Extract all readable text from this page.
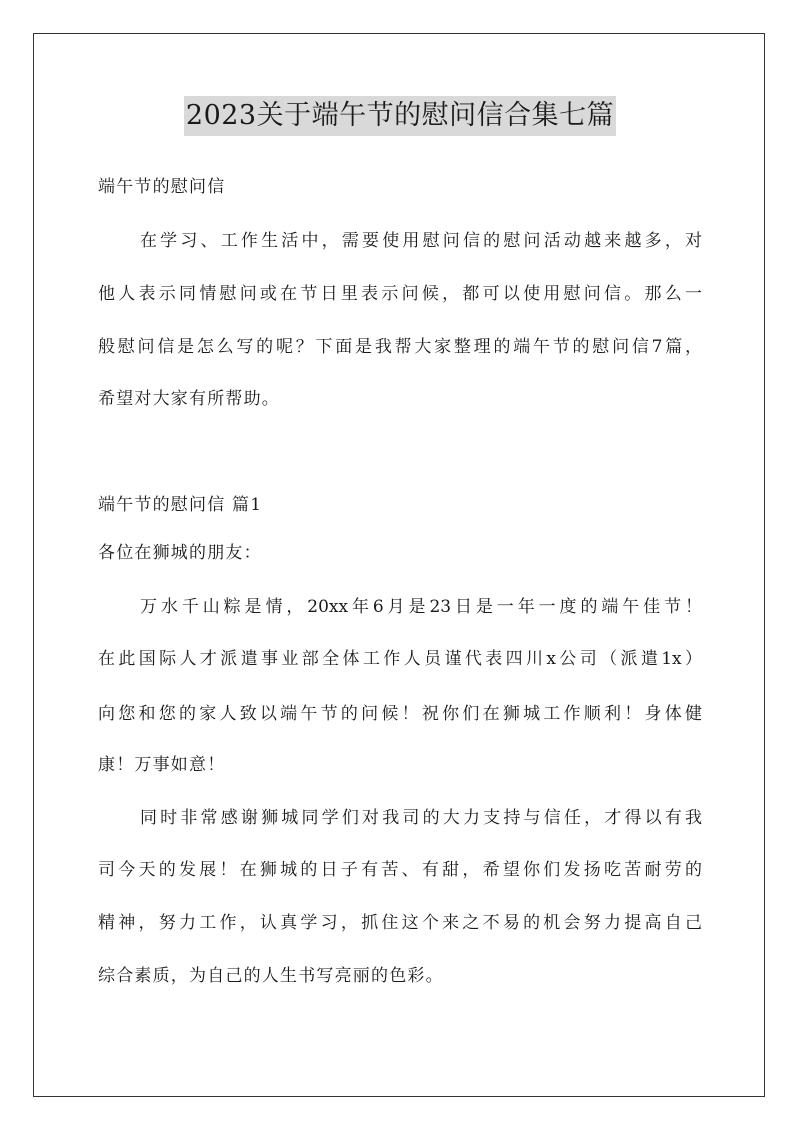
2023关于端午节的慰问信合集七篇
端午节的慰问信
在学习、工作生活中，需要使用慰问信的慰问活动越来越多，对
他人表示同情慰问或在节日里表示问候，都可以使用慰问信。那么一
般慰问信是怎么写的呢？下面是我帮大家整理的端午节的慰问信7篇，
希望对大家有所帮助。
端午节的慰问信 篇1
各位在狮城的朋友：
万水千山粽是情，20xx年6月是23日是一年一度的端午佳节！
在此国际人才派遣事业部全体工作人员谨代表四川x公司（派遣1x）
向您和您的家人致以端午节的问候！祝你们在狮城工作顺利！身体健
康！万事如意！
同时非常感谢狮城同学们对我司的大力支持与信任，才得以有我
司今天的发展！在狮城的日子有苦、有甜，希望你们发扬吃苦耐劳的
精神，努力工作，认真学习，抓住这个来之不易的机会努力提高自己
综合素质，为自己的人生书写亮丽的色彩。
